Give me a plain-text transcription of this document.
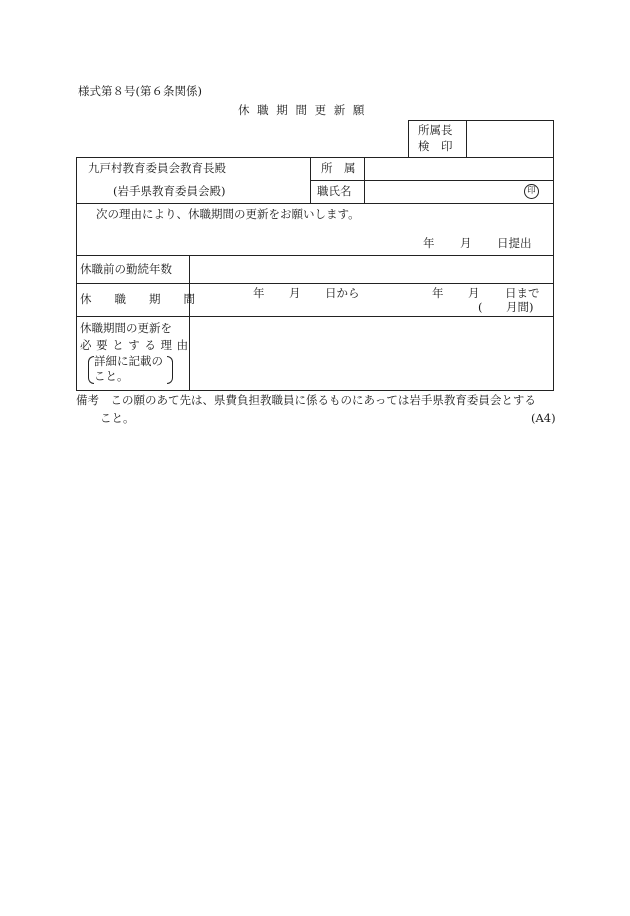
様式第８号(第６条関係)
休 職 期 間 更 新 願
所属長
検　印
九戸村教育委員会教育長殿
(岩手県教育委員会殿)
所　属
職氏名	印
次の理由により、休職期間の更新をお願いします。
年 月 日提出
休職前の勤続年数
休　　職　　期　　間	年 月 日から	年 月 日まで
( 月間)
休職期間の更新を
必要とする理由
詳細に記載の
こと。
備考　この願のあて先は、県費負担教職員に係るものにあっては岩手県教育委員会とする
こと。	(A4)
